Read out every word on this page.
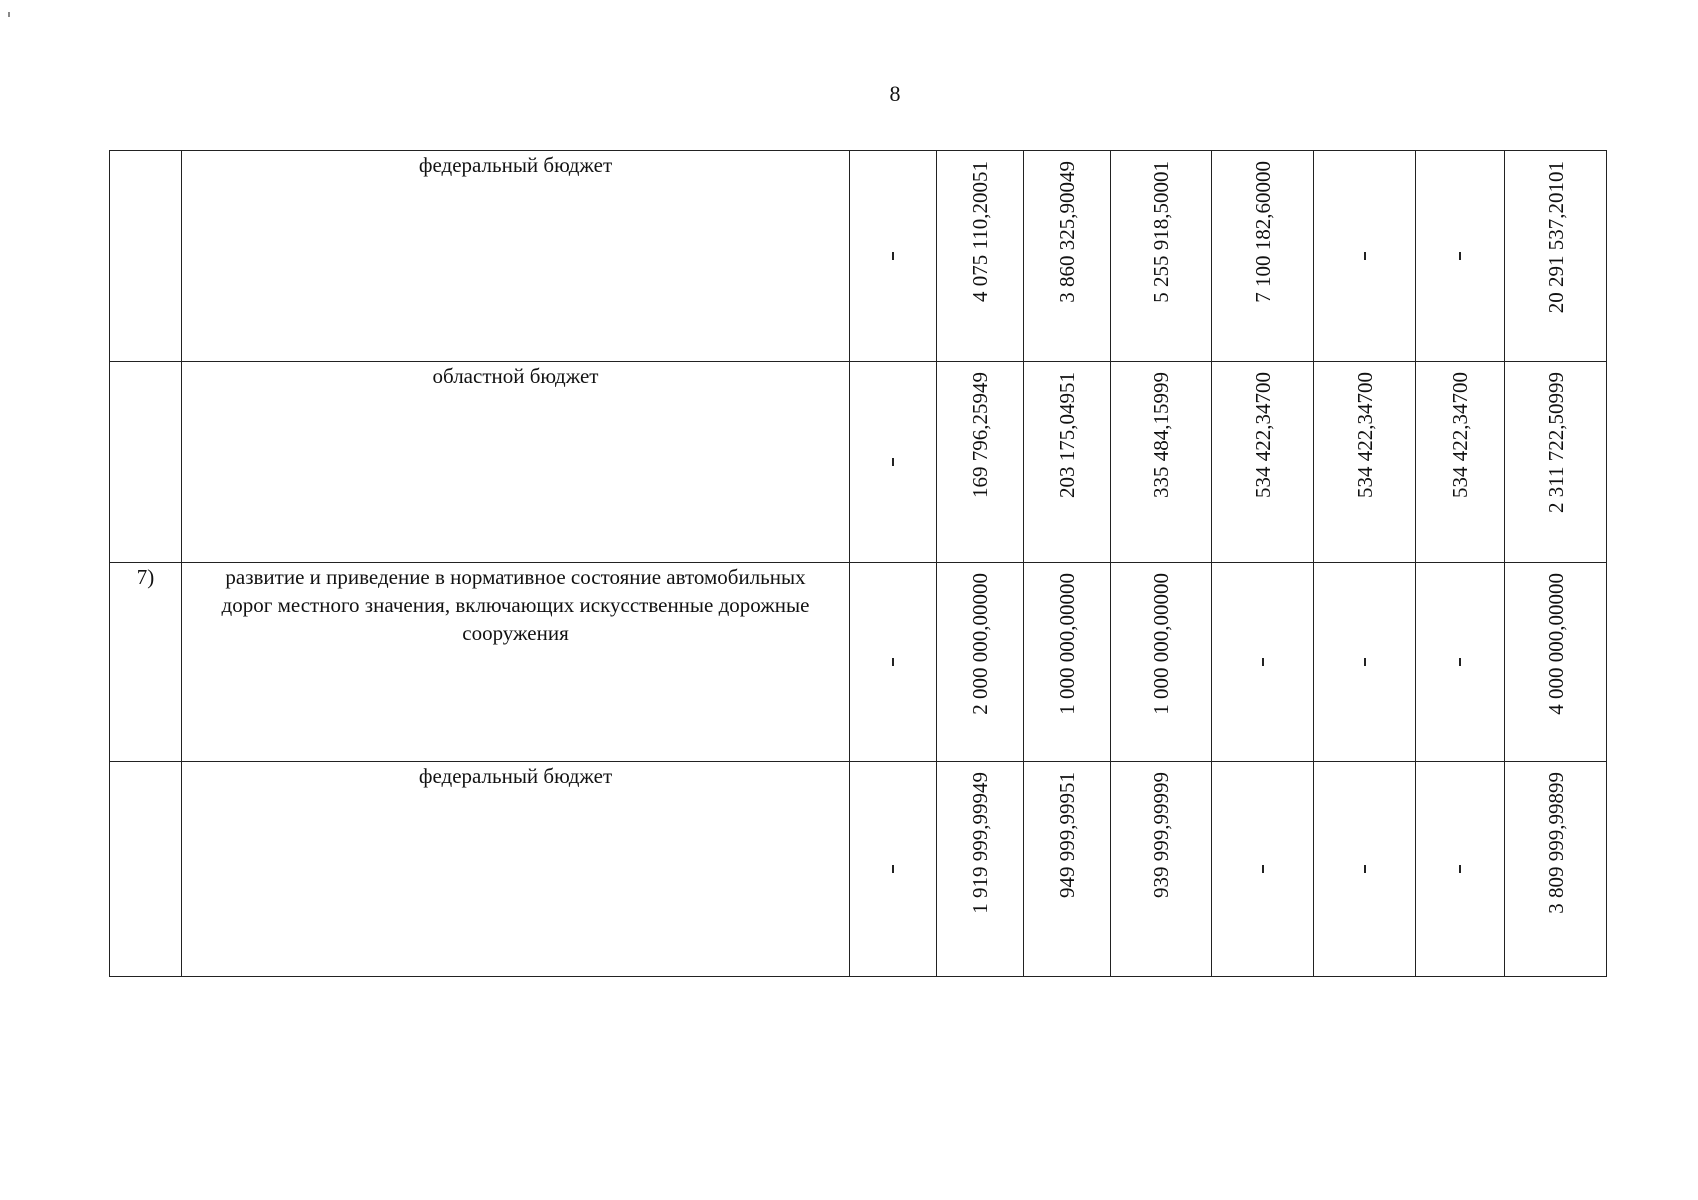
8

	федеральный бюджет		4 075 110,20051	3 860 325,90049	5 255 918,50001	7 100 182,60000			20 291 537,20101

	областной бюджет		169 796,25949	203 175,04951	335 484,15999	534 422,34700	534 422,34700	534 422,34700	2 311 722,50999

7)	развитие и приведение в нормативное состояние автомобильных дорог местного значения, включающих искусственные дорожные сооружения		2 000 000,00000	1 000 000,00000	1 000 000,00000				4 000 000,00000

	федеральный бюджет		1 919 999,99949	949 999,99951	939 999,99999				3 809 999,99899
